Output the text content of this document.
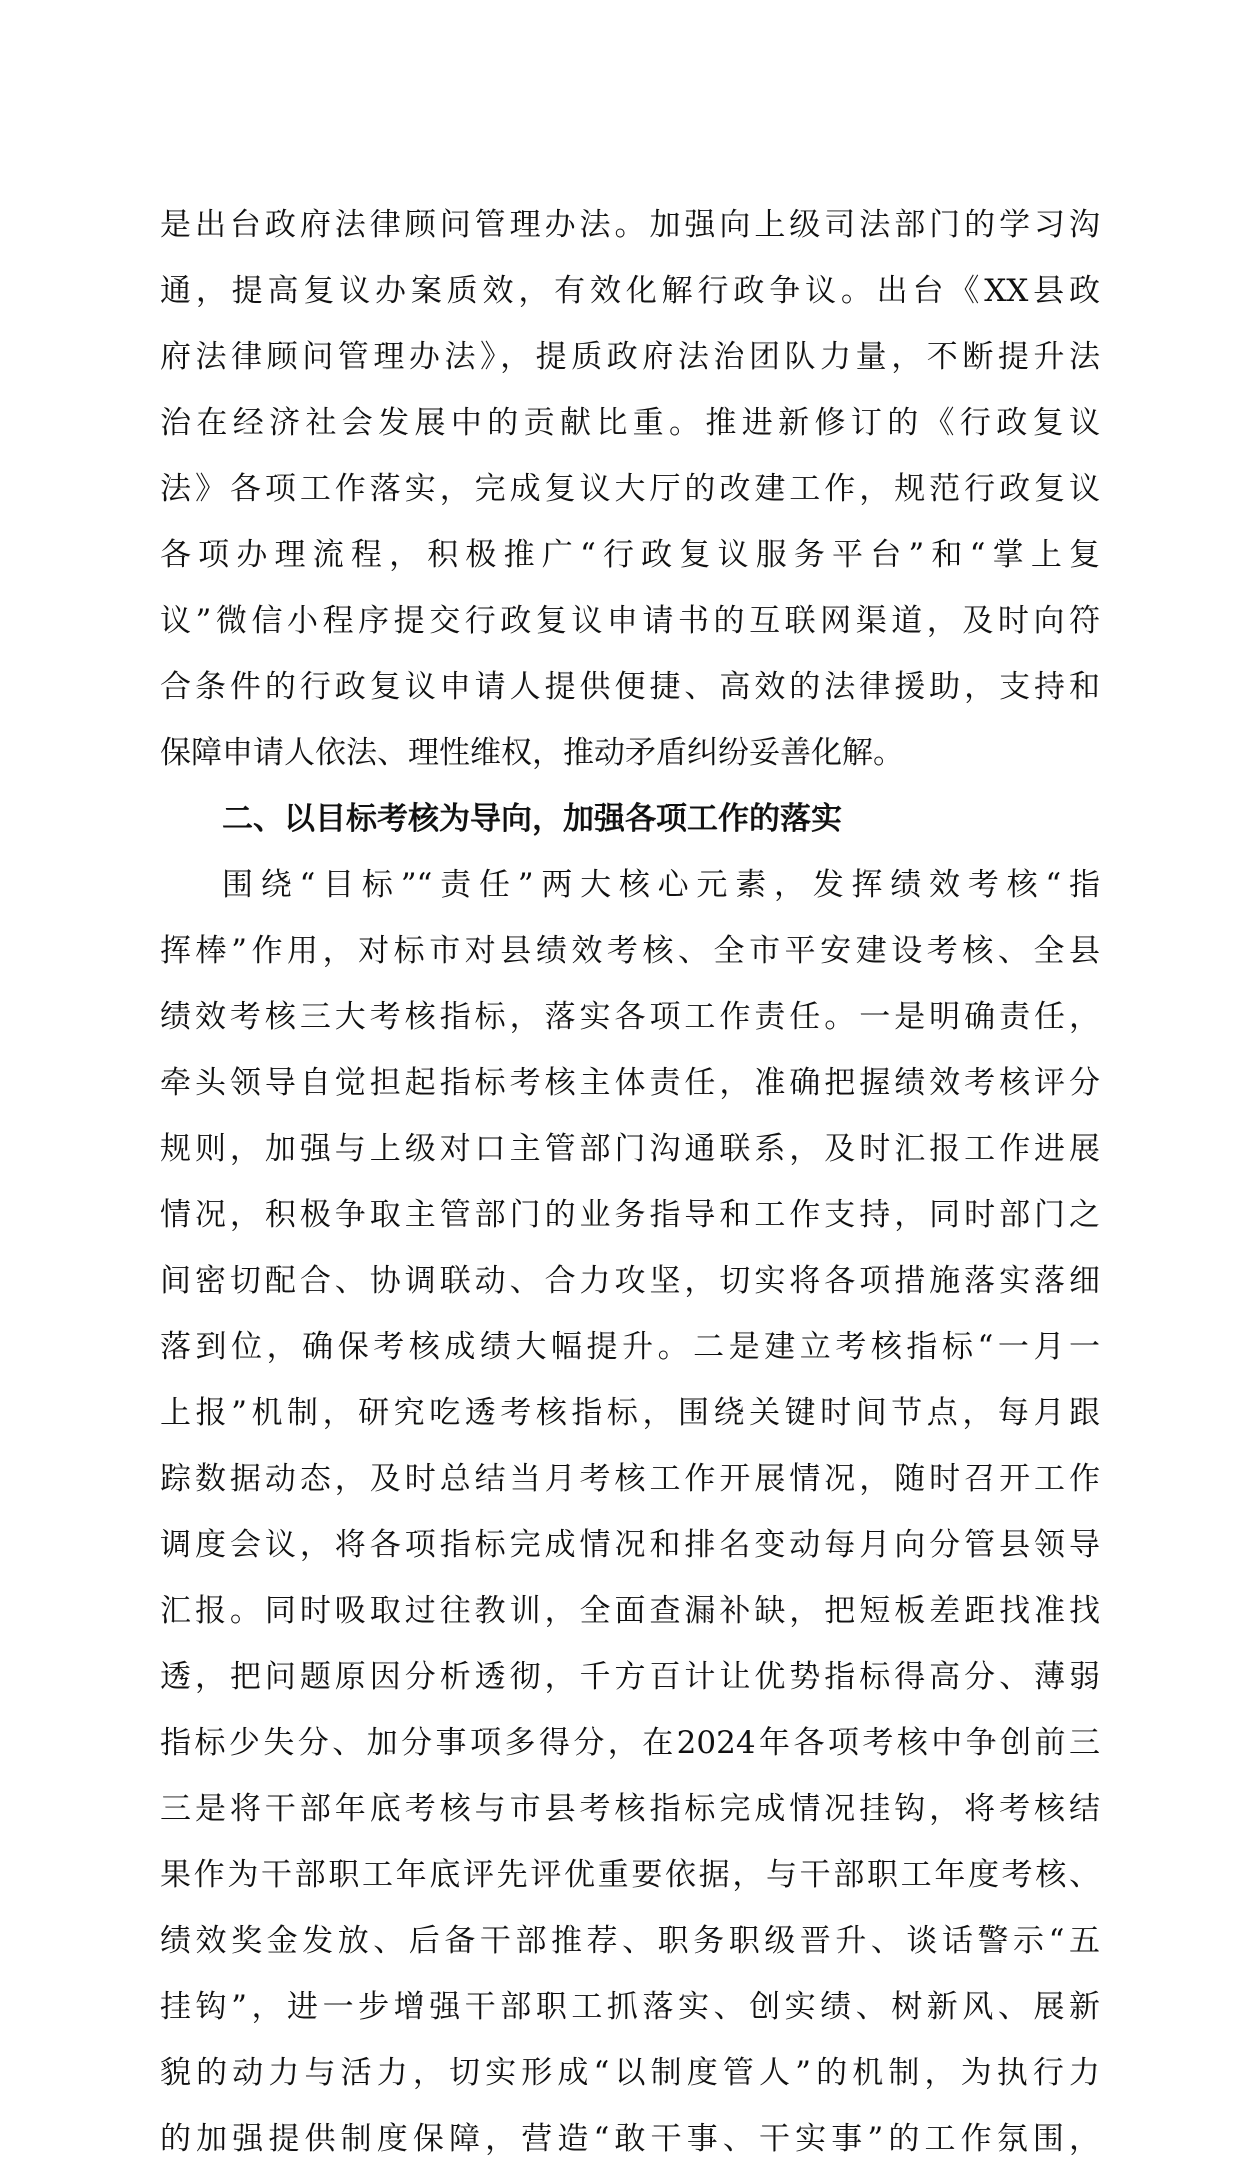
是出台政府法律顾问管理办法。加强向上级司法部门的学习沟
通，提高复议办案质效，有效化解行政争议。出台《XX县政
府法律顾问管理办法》，提质政府法治团队力量，不断提升法
治在经济社会发展中的贡献比重。推进新修订的《行政复议
法》各项工作落实，完成复议大厅的改建工作，规范行政复议
各项办理流程，积极推广“行政复议服务平台”和“掌上复
议”微信小程序提交行政复议申请书的互联网渠道，及时向符
合条件的行政复议申请人提供便捷、高效的法律援助，支持和
保障申请人依法、理性维权，推动矛盾纠纷妥善化解。
二、以目标考核为导向，加强各项工作的落实
围绕“目标”“责任”两大核心元素，发挥绩效考核“指
挥棒”作用，对标市对县绩效考核、全市平安建设考核、全县
绩效考核三大考核指标，落实各项工作责任。一是明确责任，
牵头领导自觉担起指标考核主体责任，准确把握绩效考核评分
规则，加强与上级对口主管部门沟通联系，及时汇报工作进展
情况，积极争取主管部门的业务指导和工作支持，同时部门之
间密切配合、协调联动、合力攻坚，切实将各项措施落实落细
落到位，确保考核成绩大幅提升。二是建立考核指标“一月一
上报”机制，研究吃透考核指标，围绕关键时间节点，每月跟
踪数据动态，及时总结当月考核工作开展情况，随时召开工作
调度会议，将各项指标完成情况和排名变动每月向分管县领导
汇报。同时吸取过往教训，全面查漏补缺，把短板差距找准找
透，把问题原因分析透彻，千方百计让优势指标得高分、薄弱
指标少失分、加分事项多得分，在2024年各项考核中争创前三
三是将干部年底考核与市县考核指标完成情况挂钩，将考核结
果作为干部职工年底评先评优重要依据，与干部职工年度考核、
绩效奖金发放、后备干部推荐、职务职级晋升、谈话警示“五
挂钩”，进一步增强干部职工抓落实、创实绩、树新风、展新
貌的动力与活力，切实形成“以制度管人”的机制，为执行力
的加强提供制度保障，营造“敢干事、干实事”的工作氛围，
